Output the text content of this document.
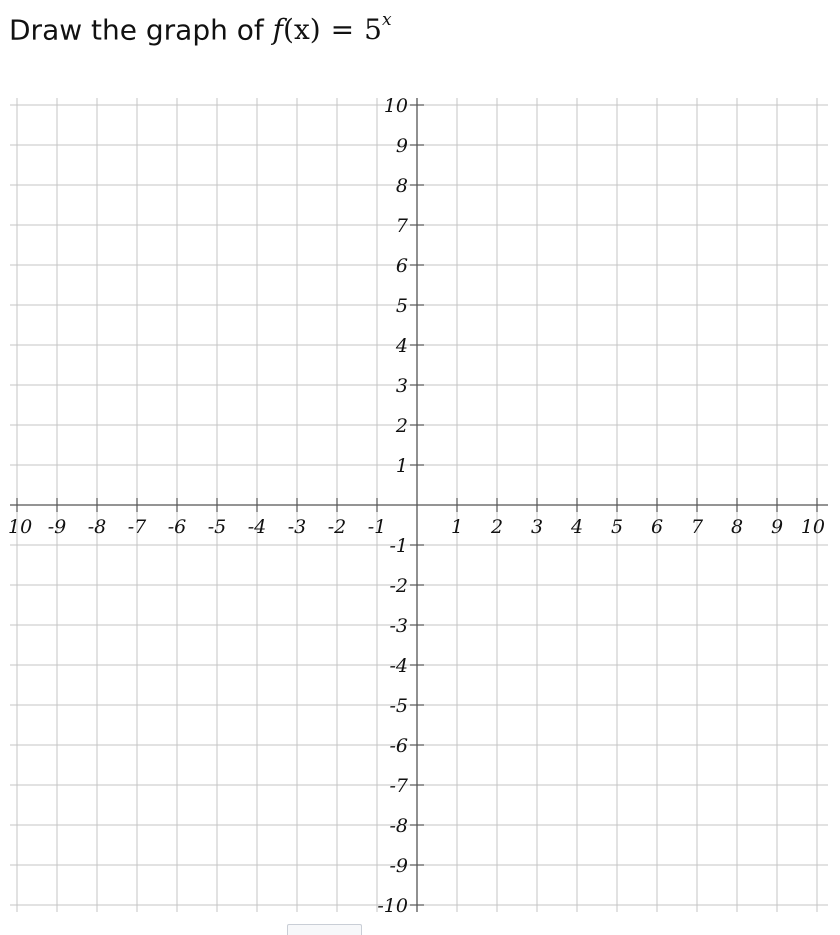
Draw the graph of $f(x) = 5^x$
10 -9 -8 -7 -6 -5 -4 -3 -2 -1	1 2 3 4 5 6 7 8 9 10
10
9
8
7
6
5
4
3
2
1
-1
-2
-3
-4
-5
-6
-7
-8
-9
-10
